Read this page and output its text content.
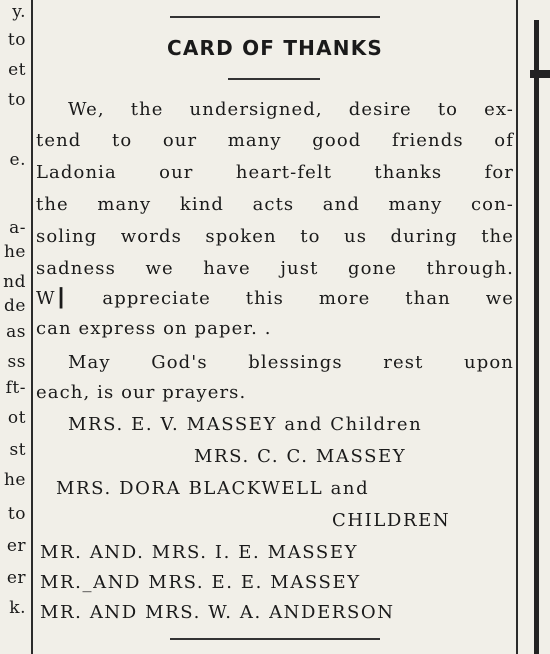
y.
to
et
to
e.
a-
he
nd
de
as
ss
ft-
ot
st
he
to
er
er
k.
CARD OF THANKS
We, the undersigned, desire to ex-
tend to our many good friends of
Ladonia our heart-felt thanks for
the many kind acts and many con-
soling words spoken to us during the
sadness we have just gone through.
W┃ appreciate this more than we
can express on paper. .
May God's blessings rest upon
each, is our prayers.
MRS. E. V. MASSEY and Children
MRS. C. C. MASSEY
MRS. DORA BLACKWELL and
CHILDREN
MR. AND. MRS. I. E. MASSEY
MR._AND MRS. E. E. MASSEY
MR. AND MRS. W. A. ANDERSON
